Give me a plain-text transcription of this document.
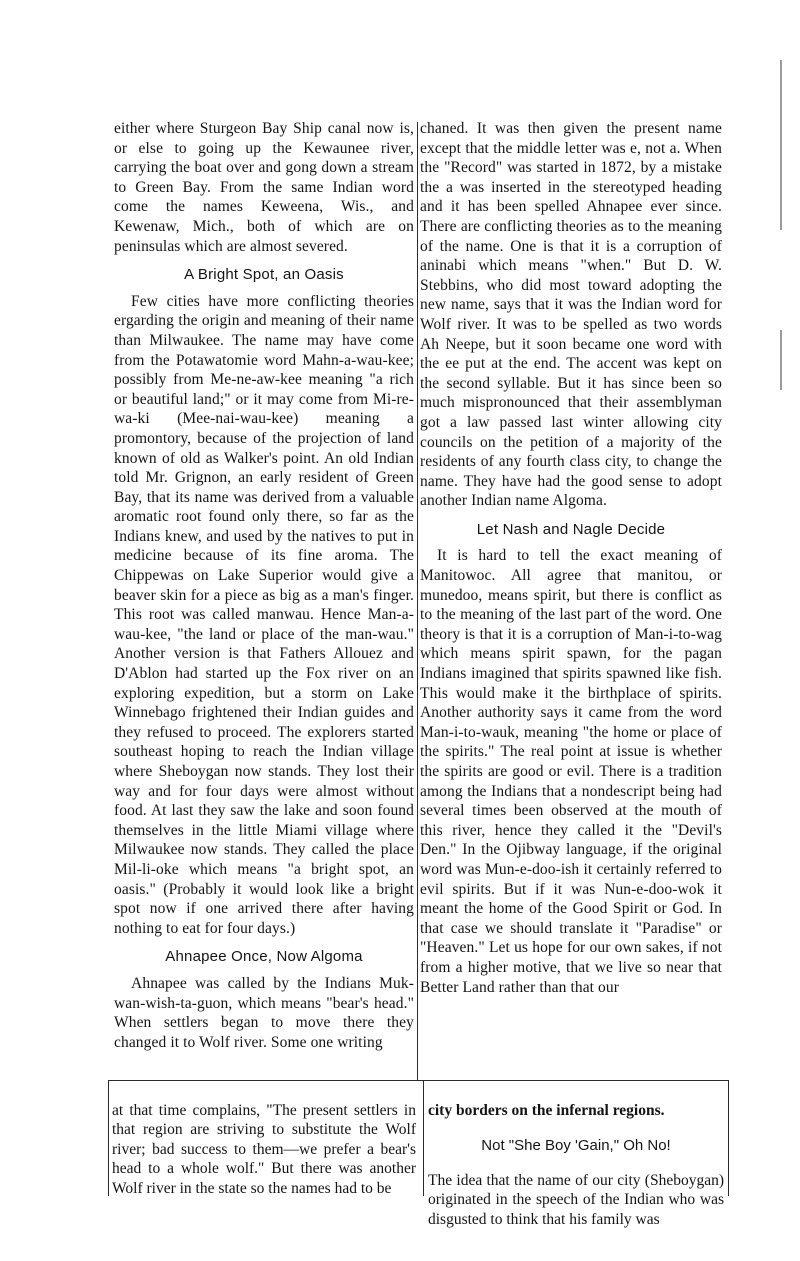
either where Sturgeon Bay Ship canal now is, or else to going up the Kewaunee river, carrying the boat over and gong down a stream to Green Bay. From the same Indian word come the names Keweena, Wis., and Kewenaw, Mich., both of which are on peninsulas which are almost severed.

A Bright Spot, an Oasis

Few cities have more conflicting theories ergarding the origin and meaning of their name than Milwaukee. The name may have come from the Potawatomie word Mahn-a-wau-kee; possibly from Me-ne-aw-kee meaning "a rich or beautiful land;" or it may come from Mi-re-wa-ki (Mee-nai-wau-kee) meaning a promontory, because of the projection of land known of old as Walker's point. An old Indian told Mr. Grignon, an early resident of Green Bay, that its name was derived from a valuable aromatic root found only there, so far as the Indians knew, and used by the natives to put in medicine because of its fine aroma. The Chippewas on Lake Superior would give a beaver skin for a piece as big as a man's finger. This root was called manwau. Hence Man-a-wau-kee, "the land or place of the man-wau." Another version is that Fathers Allouez and D'Ablon had started up the Fox river on an exploring expedition, but a storm on Lake Winnebago frightened their Indian guides and they refused to proceed. The explorers started southeast hoping to reach the Indian village where Sheboygan now stands. They lost their way and for four days were almost without food. At last they saw the lake and soon found themselves in the little Miami village where Milwaukee now stands. They called the place Mil-li-oke which means "a bright spot, an oasis." (Probably it would look like a bright spot now if one arrived there after having nothing to eat for four days.)

Ahnapee Once, Now Algoma

Ahnapee was called by the Indians Muk-wan-wish-ta-guon, which means "bear's head." When settlers began to move there they changed it to Wolf river. Some one writing

chaned. It was then given the present name except that the middle letter was e, not a. When the "Record" was started in 1872, by a mistake the a was inserted in the stereotyped heading and it has been spelled Ahnapee ever since. There are conflicting theories as to the meaning of the name. One is that it is a corruption of aninabi which means "when." But D. W. Stebbins, who did most toward adopting the new name, says that it was the Indian word for Wolf river. It was to be spelled as two words Ah Neepe, but it soon became one word with the ee put at the end. The accent was kept on the second syllable. But it has since been so much mispronounced that their assemblyman got a law passed last winter allowing city councils on the petition of a majority of the residents of any fourth class city, to change the name. They have had the good sense to adopt another Indian name Algoma.

Let Nash and Nagle Decide

It is hard to tell the exact meaning of Manitowoc. All agree that manitou, or munedoo, means spirit, but there is conflict as to the meaning of the last part of the word. One theory is that it is a corruption of Man-i-to-wag which means spirit spawn, for the pagan Indians imagined that spirits spawned like fish. This would make it the birthplace of spirits. Another authority says it came from the word Man-i-to-wauk, meaning "the home or place of the spirits." The real point at issue is whether the spirits are good or evil. There is a tradition among the Indians that a nondescript being had several times been observed at the mouth of this river, hence they called it the "Devil's Den." In the Ojibway language, if the original word was Mun-e-doo-ish it certainly referred to evil spirits. But if it was Nun-e-doo-wok it meant the home of the Good Spirit or God. In that case we should translate it "Paradise" or "Heaven." Let us hope for our own sakes, if not from a higher motive, that we live so near that Better Land rather than that our

at that time complains, "The present settlers in that region are striving to substitute the Wolf river; bad success to them—we prefer a bear's head to a whole wolf." But there was another Wolf river in the state so the names had to be

city borders on the infernal regions.

Not "She Boy 'Gain," Oh No!

The idea that the name of our city (Sheboygan) originated in the speech of the Indian who was disgusted to think that his family was
